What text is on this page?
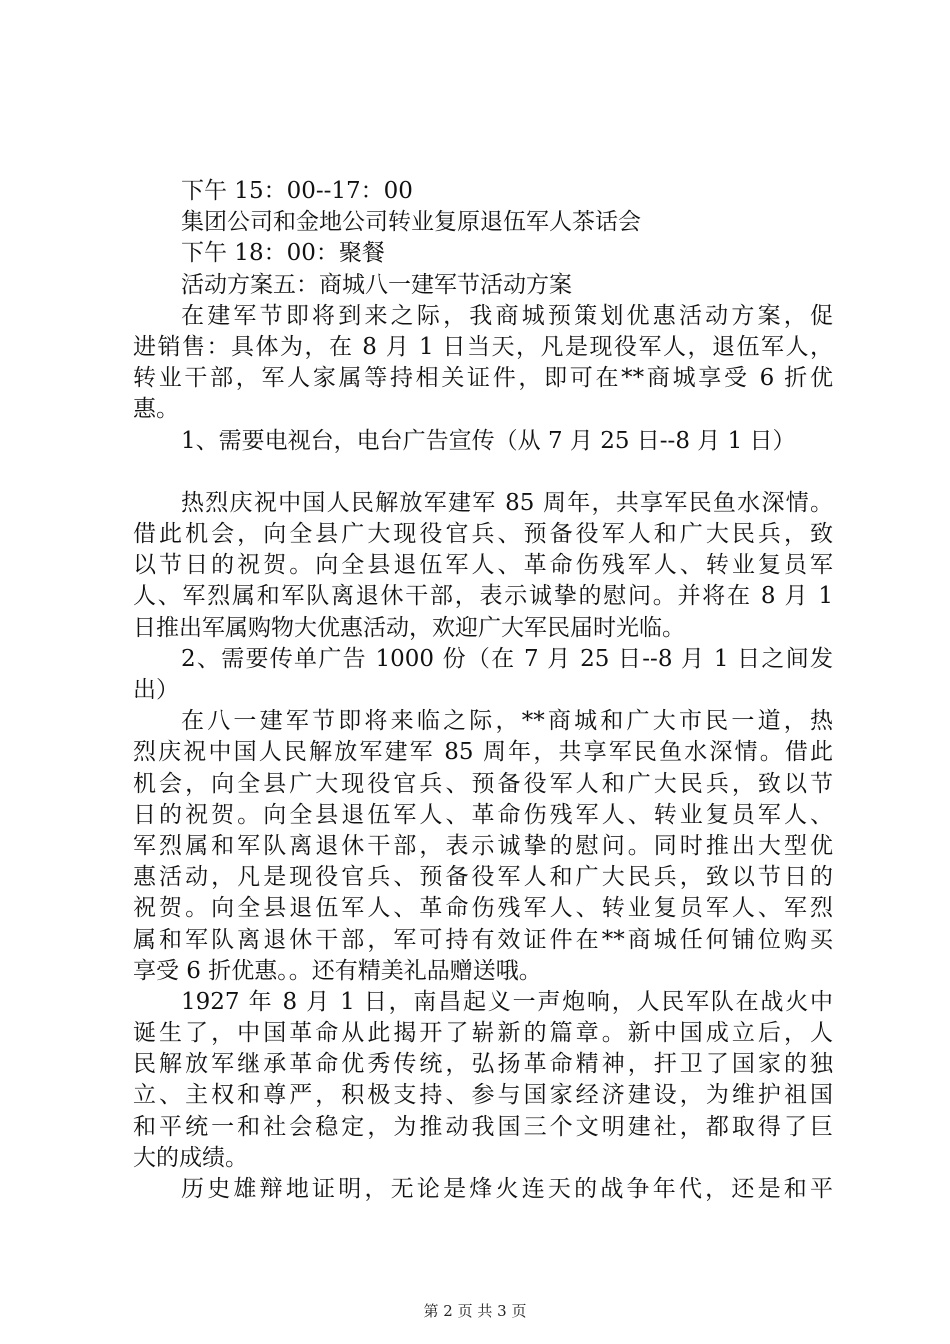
下午 15：00--17：00
集团公司和金地公司转业复原退伍军人茶话会
下午 18：00：聚餐
活动方案五：商城八一建军节活动方案
在建军节即将到来之际，我商城预策划优惠活动方案，促
进销售：具体为，在 8 月 1 日当天，凡是现役军人，退伍军人，
转业干部，军人家属等持相关证件，即可在**商城享受 6 折优
惠。
1、需要电视台，电台广告宣传（从 7 月 25 日--8 月 1 日）
热烈庆祝中国人民解放军建军 85 周年，共享军民鱼水深情。
借此机会，向全县广大现役官兵、预备役军人和广大民兵，致
以节日的祝贺。向全县退伍军人、革命伤残军人、转业复员军
人、军烈属和军队离退休干部，表示诚挚的慰问。并将在 8 月 1
日推出军属购物大优惠活动，欢迎广大军民届时光临。
2、需要传单广告 1000 份（在 7 月 25 日--8 月 1 日之间发
出）
在八一建军节即将来临之际，**商城和广大市民一道，热
烈庆祝中国人民解放军建军 85 周年，共享军民鱼水深情。借此
机会，向全县广大现役官兵、预备役军人和广大民兵，致以节
日的祝贺。向全县退伍军人、革命伤残军人、转业复员军人、
军烈属和军队离退休干部，表示诚挚的慰问。同时推出大型优
惠活动，凡是现役官兵、预备役军人和广大民兵，致以节日的
祝贺。向全县退伍军人、革命伤残军人、转业复员军人、军烈
属和军队离退休干部，军可持有效证件在**商城任何铺位购买
享受 6 折优惠。。还有精美礼品赠送哦。
1927 年 8 月 1 日，南昌起义一声炮响，人民军队在战火中
诞生了，中国革命从此揭开了崭新的篇章。新中国成立后，人
民解放军继承革命优秀传统，弘扬革命精神，扞卫了国家的独
立、主权和尊严，积极支持、参与国家经济建设，为维护祖国
和平统一和社会稳定，为推动我国三个文明建社，都取得了巨
大的成绩。
历史雄辩地证明，无论是烽火连天的战争年代，还是和平
第 2 页 共 3 页
